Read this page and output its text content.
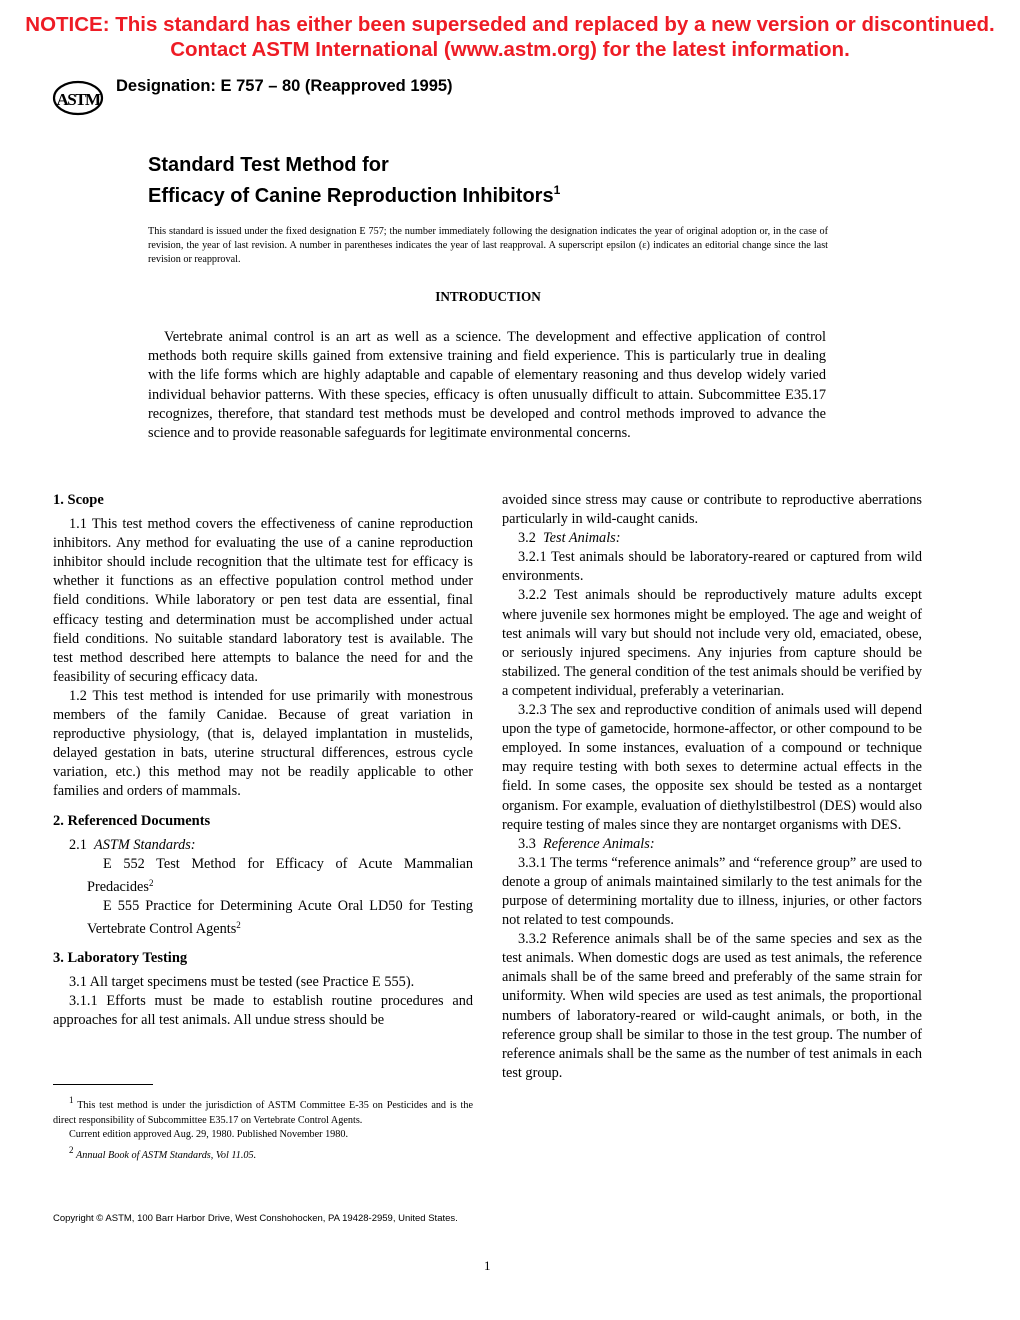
NOTICE: This standard has either been superseded and replaced by a new version or discontinued.
Contact ASTM International (www.astm.org) for the latest information.
ASTM
Designation: E 757 – 80 (Reapproved 1995)
Standard Test Method for
Efficacy of Canine Reproduction Inhibitors$^1$
This standard is issued under the fixed designation E 757; the number immediately following the designation indicates the year of original adoption or, in the case of revision, the year of last revision. A number in parentheses indicates the year of last reapproval. A superscript epsilon (ε) indicates an editorial change since the last revision or reapproval.
INTRODUCTION
Vertebrate animal control is an art as well as a science. The development and effective application of control methods both require skills gained from extensive training and field experience. This is particularly true in dealing with the life forms which are highly adaptable and capable of elementary reasoning and thus develop widely varied individual behavior patterns. With these species, efficacy is often unusually difficult to attain. Subcommittee E35.17 recognizes, therefore, that standard test methods must be developed and control methods improved to advance the science and to provide reasonable safeguards for legitimate environmental concerns.
1. Scope

1.1 This test method covers the effectiveness of canine reproduction inhibitors. Any method for evaluating the use of a canine reproduction inhibitor should include recognition that the ultimate test for efficacy is whether it functions as an effective population control method under field conditions. While laboratory or pen test data are essential, final efficacy testing and determination must be accomplished under actual field conditions. No suitable standard laboratory test is available. The test method described here attempts to balance the need for and the feasibility of securing efficacy data.

1.2 This test method is intended for use primarily with monestrous members of the family Canidae. Because of great variation in reproductive physiology, (that is, delayed implantation in mustelids, delayed gestation in bats, uterine structural differences, estrous cycle variation, etc.) this method may not be readily applicable to other families and orders of mammals.

2. Referenced Documents

2.1 ASTM Standards:

E 552 Test Method for Efficacy of Acute Mammalian Predacides$^2$

E 555 Practice for Determining Acute Oral LD50 for Testing Vertebrate Control Agents$^2$

3. Laboratory Testing

3.1 All target specimens must be tested (see Practice E 555).

3.1.1 Efforts must be made to establish routine procedures and approaches for all test animals. All undue stress should be

avoided since stress may cause or contribute to reproductive aberrations particularly in wild-caught canids.

3.2 Test Animals:

3.2.1 Test animals should be laboratory-reared or captured from wild environments.

3.2.2 Test animals should be reproductively mature adults except where juvenile sex hormones might be employed. The age and weight of test animals will vary but should not include very old, emaciated, obese, or seriously injured specimens. Any injuries from capture should be stabilized. The general condition of the test animals should be verified by a competent individual, preferably a veterinarian.

3.2.3 The sex and reproductive condition of animals used will depend upon the type of gametocide, hormone-affector, or other compound to be employed. In some instances, evaluation of a compound or technique may require testing with both sexes to determine actual effects in the field. In some cases, the opposite sex should be tested as a nontarget organism. For example, evaluation of diethylstilbestrol (DES) would also require testing of males since they are nontarget organisms with DES.

3.3 Reference Animals:

3.3.1 The terms “reference animals” and “reference group” are used to denote a group of animals maintained similarly to the test animals for the purpose of determining mortality due to illness, injuries, or other factors not related to test compounds.

3.3.2 Reference animals shall be of the same species and sex as the test animals. When domestic dogs are used as test animals, the reference animals shall be of the same breed and preferably of the same strain for uniformity. When wild species are used as test animals, the proportional numbers of laboratory-reared or wild-caught animals, or both, in the reference group shall be similar to those in the test group. The number of reference animals shall be the same as the number of test animals in each test group.

$^1$ This test method is under the jurisdiction of ASTM Committee E-35 on Pesticides and is the direct responsibility of Subcommittee E35.17 on Vertebrate Control Agents.

Current edition approved Aug. 29, 1980. Published November 1980.

$^2$ Annual Book of ASTM Standards, Vol 11.05.

Copyright © ASTM, 100 Barr Harbor Drive, West Conshohocken, PA 19428-2959, United States.
1
